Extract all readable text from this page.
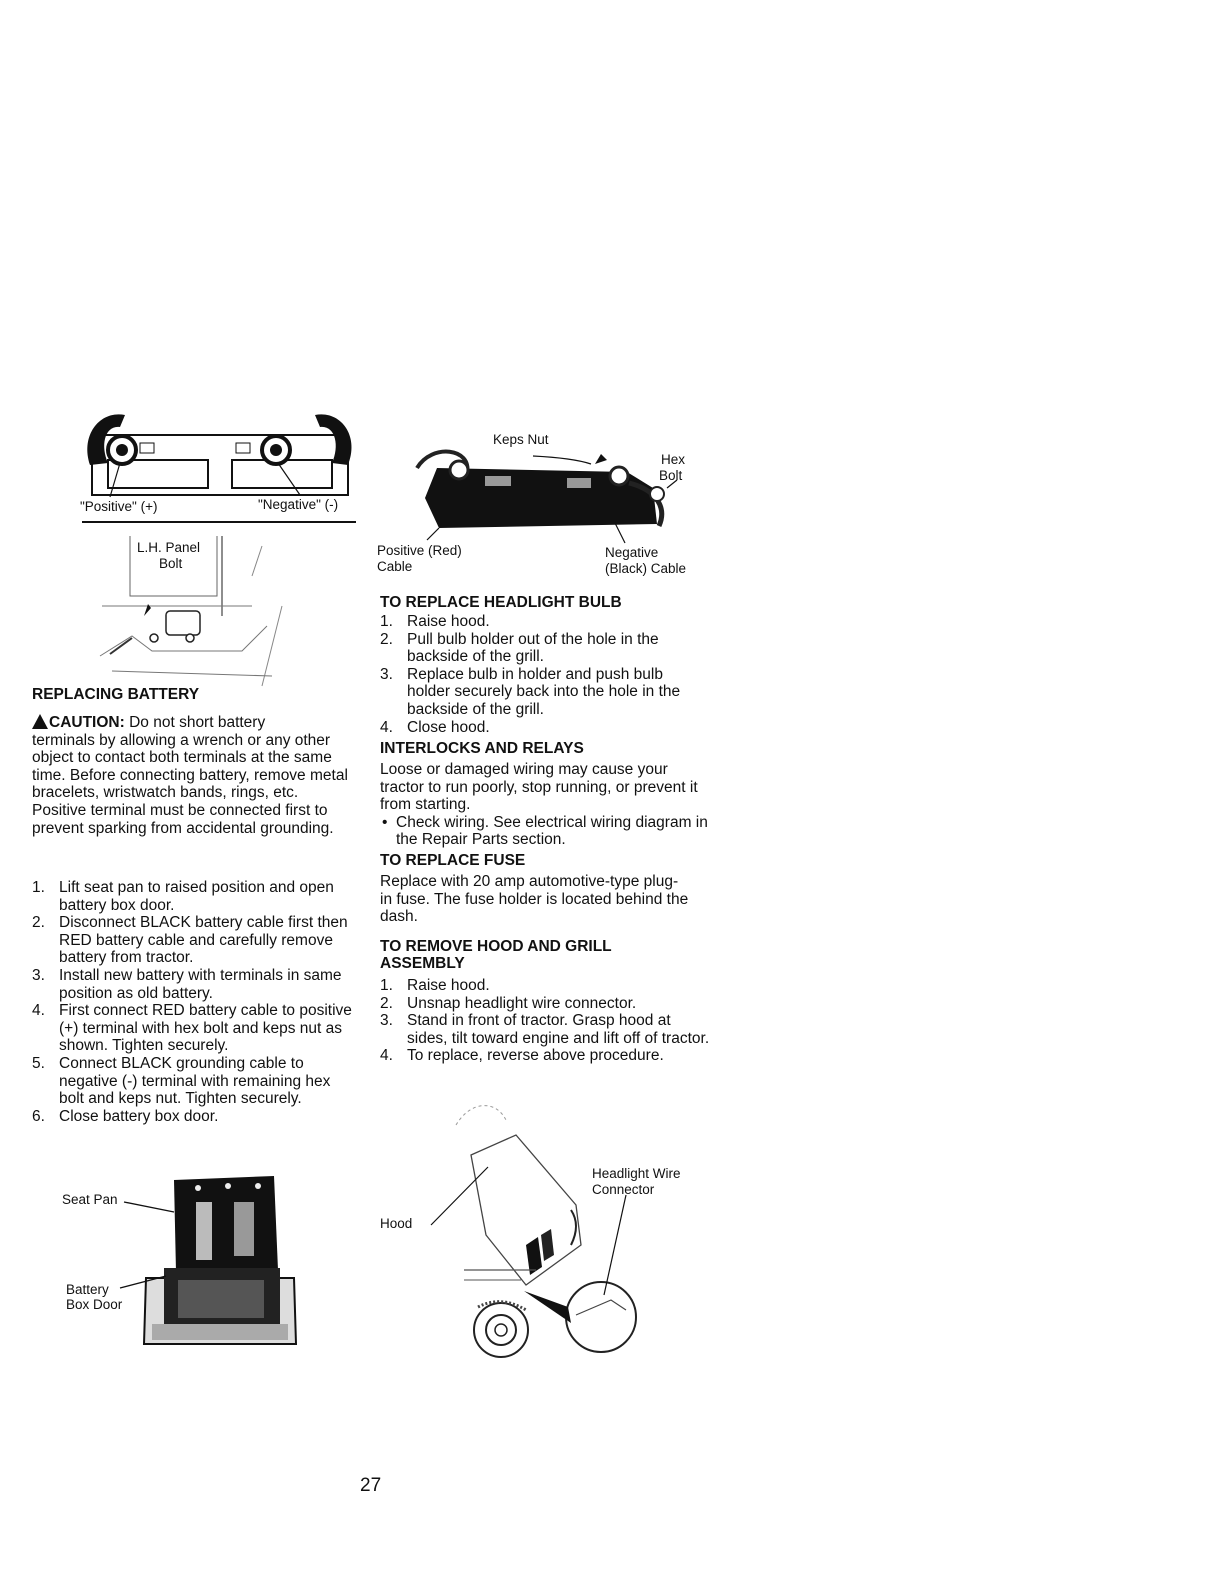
"Positive" (+)	"Negative" (-)
L.H. Panel
Bolt
REPLACING BATTERY

CAUTION: Do not short battery

terminals by allowing a wrench or any other object to contact both terminals at the same time. Before connecting battery, remove metal bracelets, wristwatch bands, rings, etc.

Positive terminal must be connected first to prevent sparking from accidental grounding.

1. Lift seat pan to raised position and open battery box door.
2. Disconnect BLACK battery cable first then RED battery cable and carefully remove battery from tractor.
3. Install new battery with terminals in same position as old battery.
4. First connect RED battery cable to positive (+) terminal with hex bolt and keps nut as shown. Tighten securely.
5. Connect BLACK grounding cable to negative (-) terminal with remaining hex bolt and keps nut. Tighten securely.
6. Close battery box door.
Seat Pan
Battery
Box Door
Keps Nut
Hex
Bolt
Positive (Red)
Cable
Negative
(Black) Cable
TO REPLACE HEADLIGHT BULB
1. Raise hood.
2. Pull bulb holder out of the hole in the backside of the grill.
3. Replace bulb in holder and push bulb holder securely back into the hole in the backside of the grill.
4. Close hood.
INTERLOCKS AND RELAYS

Loose or damaged wiring may cause your tractor to run poorly, stop running, or prevent it from starting.

• Check wiring. See electrical wiring diagram in the Repair Parts section.

TO REPLACE FUSE
Replace with 20 amp automotive-type plug-in fuse. The fuse holder is located behind the dash.
TO REMOVE HOOD AND GRILL
ASSEMBLY
1. Raise hood.
2. Unsnap headlight wire connector.
3. Stand in front of tractor. Grasp hood at sides, tilt toward engine and lift off of tractor.
4. To replace, reverse above procedure.
Hood
Headlight Wire
Connector
27
